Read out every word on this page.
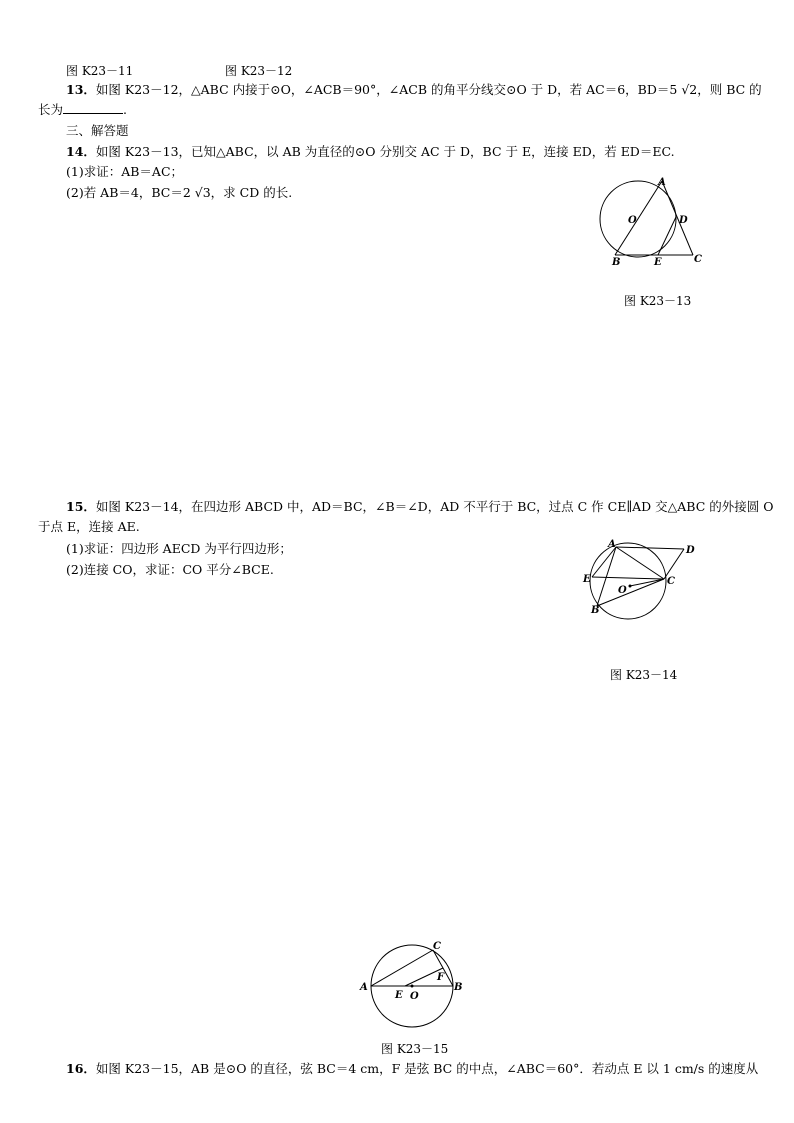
图 K23－11	图 K23－12
13．如图 K23－12，△ABC 内接于⊙O，∠ACB＝90°，∠ACB 的角平分线交⊙O 于 D，若 AC＝6，BD＝5 √2，则 BC 的
长为	.
三、解答题
14．如图 K23－13，已知△ABC，以 AB 为直径的⊙O 分别交 AC 于 D，BC 于 E，连接 ED，若 ED＝EC.
(1)求证：AB＝AC；
(2)若 AB＝4，BC＝2 √3，求 CD 的长.
A
O	D
B	E	C
图 K23－13
15．如图 K23－14，在四边形 ABCD 中，AD＝BC，∠B＝∠D，AD 不平行于 BC，过点 C 作 CE∥AD 交△ABC 的外接圆 O
于点 E，连接 AE.
(1)求证：四边形 AECD 为平行四边形；
(2)连接 CO，求证：CO 平分∠BCE.
A
D
E
O
C
B
图 K23－14
C
F
A
E O
B
图 K23－15
16．如图 K23－15，AB 是⊙O 的直径，弦 BC＝4 cm，F 是弦 BC 的中点，∠ABC＝60°．若动点 E 以 1 cm/s 的速度从
